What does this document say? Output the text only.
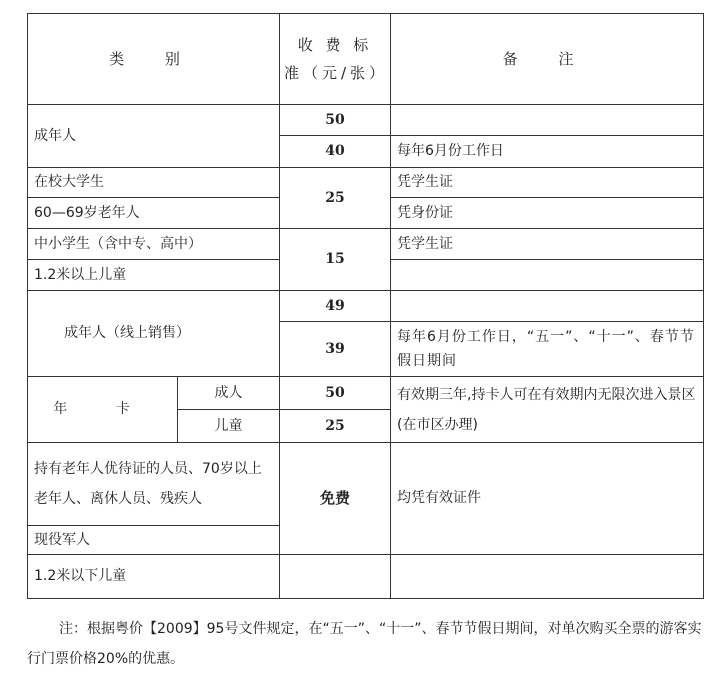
类 别		收 费 标 准（元/张）	备 注
成年人		50	
		40	每年6月份工作日
在校大学生		25	凭学生证
60—69岁老年人			凭身份证
中小学生（含中专、高中）		15	凭学生证
1.2米以上儿童			
成年人（线上销售）		49	
		39	每年6月份工作日，“五一”、“十一”、春节节假日期间
年 卡	成人	50	有效期三年,持卡人可在有效期内无限次进入景区(在市区办理)
	儿童	25	
持有老年人优待证的人员、70岁以上老年人、离休人员、残疾人		免费	均凭有效证件
现役军人			
1.2米以下儿童			
注：根据粤价【2009】95号文件规定，在“五一”、“十一”、春节节假日期间，对单次购买全票的游客实行门票价格20%的优惠。
